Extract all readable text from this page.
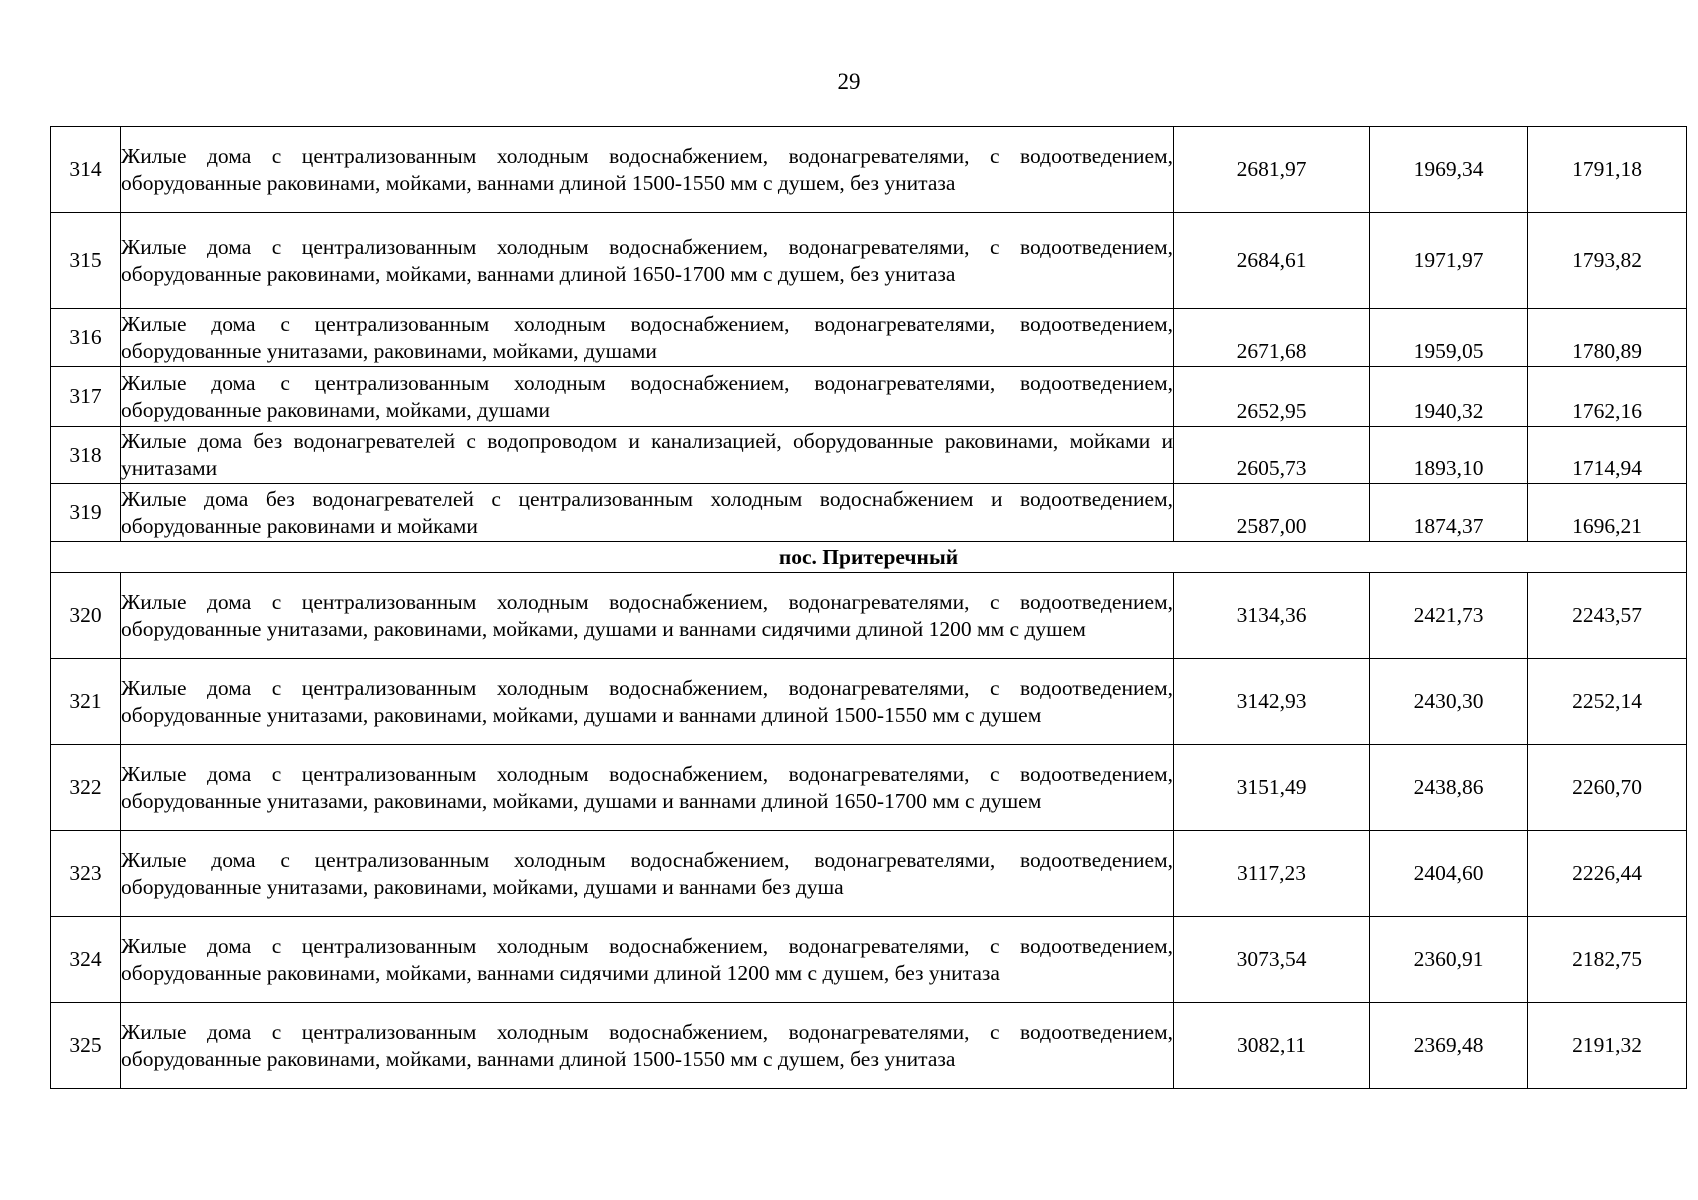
29
314	Жилые дома с централизованным холодным водоснабжением, водонагревателями, с водоотведением, оборудованные раковинами, мойками, ваннами длиной 1500-1550 мм с душем, без унитаза	2681,97	1969,34	1791,18
315	Жилые дома с централизованным холодным водоснабжением, водонагревателями, с водоотведением, оборудованные раковинами, мойками, ваннами длиной 1650-1700 мм с душем, без унитаза	2684,61	1971,97	1793,82
316	Жилые дома с централизованным холодным водоснабжением, водонагревателями, водоотведением, оборудованные унитазами, раковинами, мойками, душами	2671,68	1959,05	1780,89
317	Жилые дома с централизованным холодным водоснабжением, водонагревателями, водоотведением, оборудованные раковинами, мойками, душами	2652,95	1940,32	1762,16
318	Жилые дома без водонагревателей с водопроводом и канализацией, оборудованные раковинами, мойками и унитазами	2605,73	1893,10	1714,94
319	Жилые дома без водонагревателей с централизованным холодным водоснабжением и водоотведением, оборудованные раковинами и мойками	2587,00	1874,37	1696,21
пос. Притеречный				
320	Жилые дома с централизованным холодным водоснабжением, водонагревателями, с водоотведением, оборудованные унитазами, раковинами, мойками, душами и ваннами сидячими длиной 1200 мм с душем	3134,36	2421,73	2243,57
321	Жилые дома с централизованным холодным водоснабжением, водонагревателями, с водоотведением, оборудованные унитазами, раковинами, мойками, душами и ваннами длиной 1500-1550 мм с душем	3142,93	2430,30	2252,14
322	Жилые дома с централизованным холодным водоснабжением, водонагревателями, с водоотведением, оборудованные унитазами, раковинами, мойками, душами и ваннами длиной 1650-1700 мм с душем	3151,49	2438,86	2260,70
323	Жилые дома с централизованным холодным водоснабжением, водонагревателями, водоотведением, оборудованные унитазами, раковинами, мойками, душами и ваннами без душа	3117,23	2404,60	2226,44
324	Жилые дома с централизованным холодным водоснабжением, водонагревателями, с водоотведением, оборудованные раковинами, мойками, ваннами сидячими длиной 1200 мм с душем, без унитаза	3073,54	2360,91	2182,75
325	Жилые дома с централизованным холодным водоснабжением, водонагревателями, с водоотведением, оборудованные раковинами, мойками, ваннами длиной 1500-1550 мм с душем, без унитаза	3082,11	2369,48	2191,32
